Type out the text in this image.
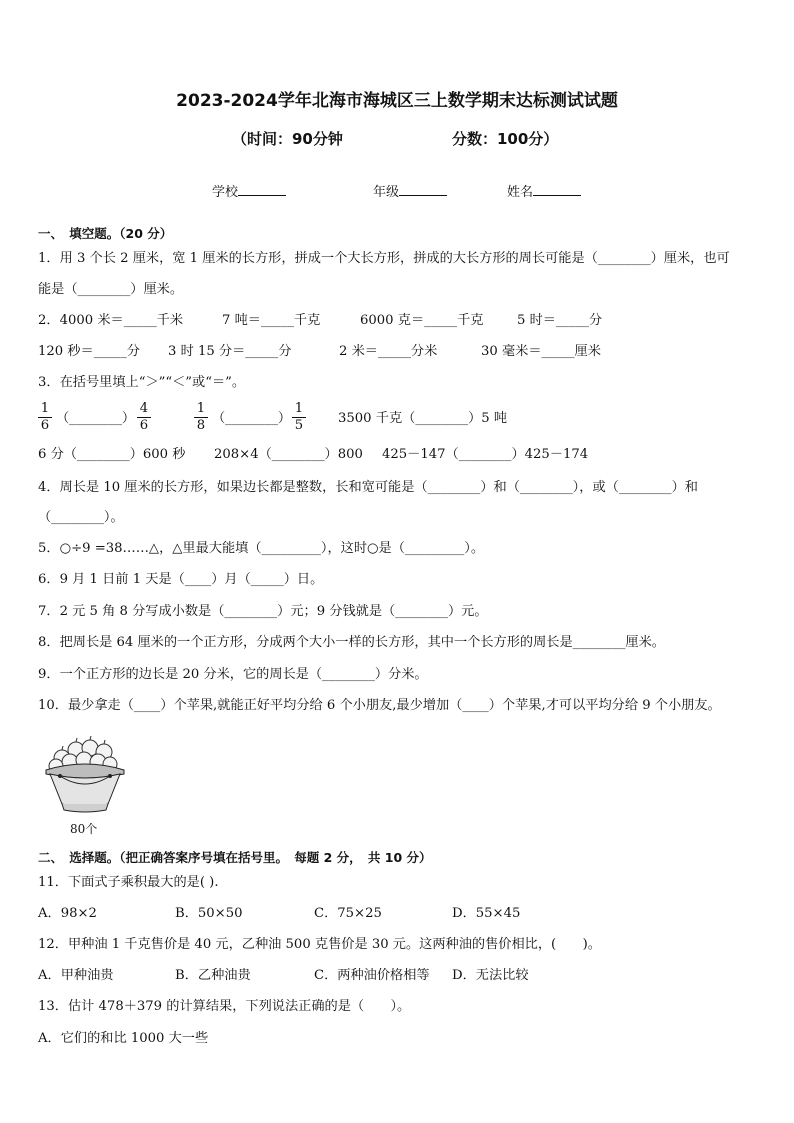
2023-2024学年北海市海城区三上数学期末达标测试试题
（时间：90分钟	分数：100分）
学校	年级	姓名
一、　填空题。（20 分）
1．用 3 个长 2 厘米，宽 1 厘米的长方形，拼成一个大长方形，拼成的大长方形的周长可能是（________）厘米，也可
能是（________）厘米。
2．4000 米＝_____千米	7 吨＝_____千克	6000 克＝_____千克	5 时＝_____分
120 秒＝_____分 3 时 15 分＝_____分	2 米＝_____分米	30 毫米＝_____厘米
3．在括号里填上“＞”“＜”或“＝”。
$\frac{1}{6}$ （________） $\frac{4}{6}$	$\frac{1}{8}$ （________） $\frac{1}{5} 3500$ 千克（________）5 吨
6 分（________）600 秒 208×4（________）800 425－147（________）425－174
4．周长是 10 厘米的长方形，如果边长都是整数，长和宽可能是（________）和（________），或（________）和
（________）。
5．○÷9 =38……△，△里最大能填（_________），这时○是（_________）。
6．9 月 1 日前 1 天是（____）月（_____）日。
7．2 元 5 角 8 分写成小数是（________）元；9 分钱就是（________）元。
8．把周长是 64 厘米的一个正方形，分成两个大小一样的长方形，其中一个长方形的周长是________厘米。
9．一个正方形的边长是 20 分米，它的周长是（________）分米。
10．最少拿走（____）个苹果,就能正好平均分给 6 个小朋友,最少增加（____）个苹果,才可以平均分给 9 个小朋友。
80个
二、　选择题。（把正确答案序号填在括号里。　每题 2 分，　共 10 分）
11．下面式子乘积最大的是( ).
A．98×2	B．50×50	C．75×25	D．55×45
12．甲种油 1 千克售价是 40 元，乙种油 500 克售价是 30 元。这两种油的售价相比，(　　)。
A．甲种油贵	B．乙种油贵	C．两种油价格相等 D．无法比较
13．估计 478＋379 的计算结果，下列说法正确的是（　　）。
A．它们的和比 1000 大一些
